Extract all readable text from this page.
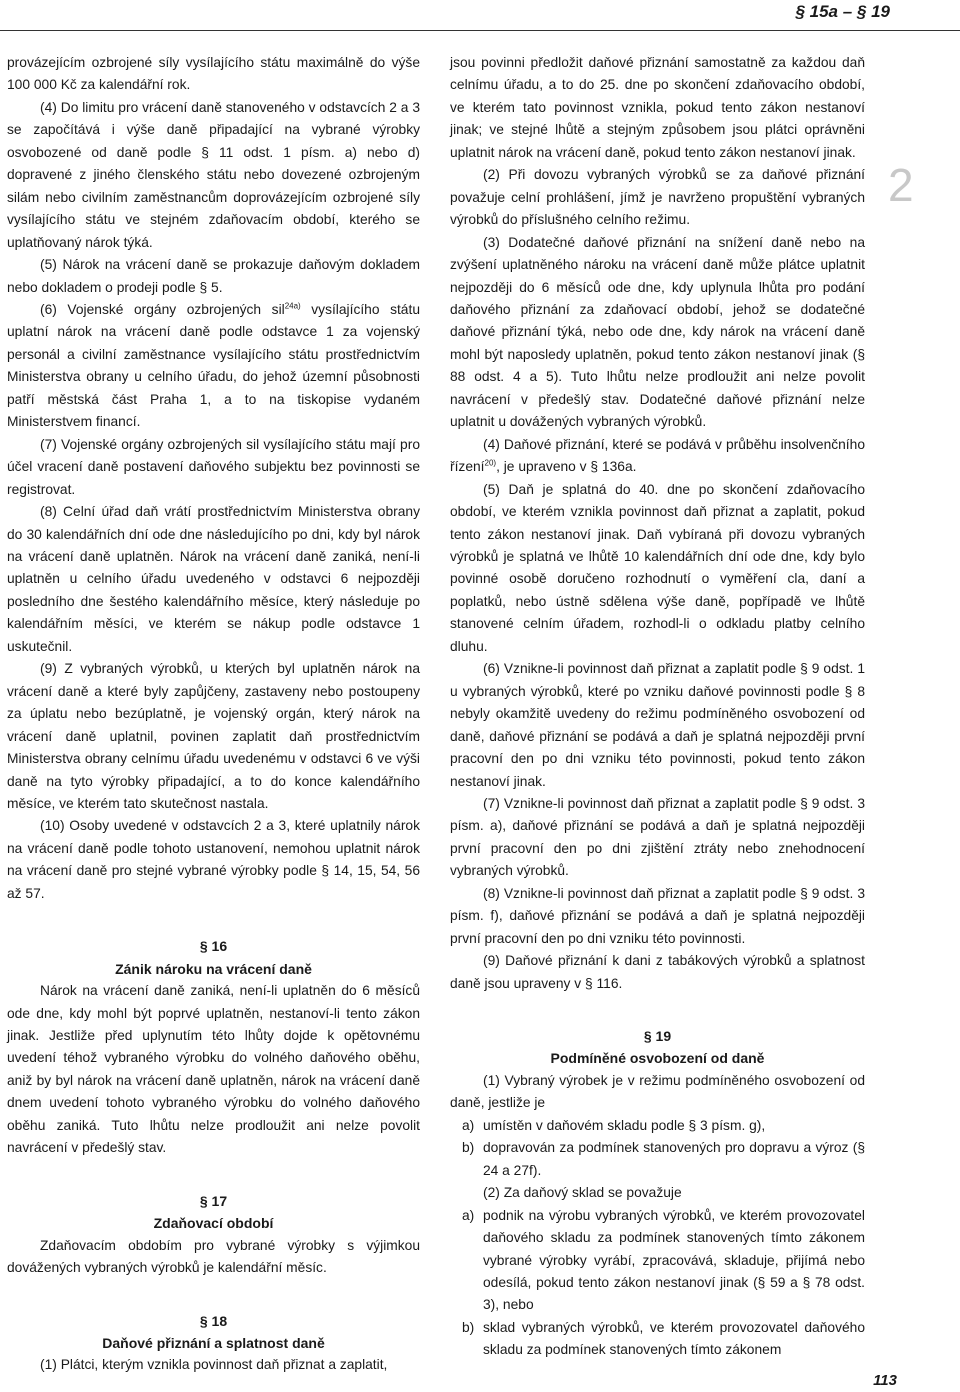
§ 15a – § 19
2

provázejícím ozbrojené síly vysílajícího státu maximálně do výše 100 000 Kč za kalendářní rok.

(4) Do limitu pro vrácení daně stanoveného v odstavcích 2 a 3 se započítává i výše daně připadající na vybrané výrobky osvobozené od daně podle § 11 odst. 1 písm. a) nebo d) dopravené z jiného členského státu nebo dovezené ozbrojeným silám nebo civilním zaměstnancům doprovázejícím ozbrojené síly vysílajícího státu ve stejném zdaňovacím období, kterého se uplatňovaný nárok týká.

(5) Nárok na vrácení daně se prokazuje daňovým dokladem nebo dokladem o prodeji podle § 5.

(6) Vojenské orgány ozbrojených sil$^{24a)}$ vysílajícího státu uplatní nárok na vrácení daně podle odstavce 1 za vojenský personál a civilní zaměstnance vysílajícího státu prostřednictvím Ministerstva obrany u celního úřadu, do jehož územní působnosti patří městská část Praha 1, a to na tiskopise vydaném Ministerstvem financí.

(7) Vojenské orgány ozbrojených sil vysílajícího státu mají pro účel vracení daně postavení daňového subjektu bez povinnosti se registrovat.

(8) Celní úřad daň vrátí prostřednictvím Ministerstva obrany do 30 kalendářních dní ode dne následujícího po dni, kdy byl nárok na vrácení daně uplatněn. Nárok na vrácení daně zaniká, není-li uplatněn u celního úřadu uvedeného v odstavci 6 nejpozději posledního dne šestého kalendářního měsíce, který následuje po kalendářním měsíci, ve kterém se nákup podle odstavce 1 uskutečnil.

(9) Z vybraných výrobků, u kterých byl uplatněn nárok na vrácení daně a které byly zapůjčeny, zastaveny nebo postoupeny za úplatu nebo bezúplatně, je vojenský orgán, který nárok na vrácení daně uplatnil, povinen zaplatit daň prostřednictvím Ministerstva obrany celnímu úřadu uvedenému v odstavci 6 ve výši daně na tyto výrobky připadající, a to do konce kalendářního měsíce, ve kterém tato skutečnost nastala.

(10) Osoby uvedené v odstavcích 2 a 3, které uplatnily nárok na vrácení daně podle tohoto ustanovení, nemohou uplatnit nárok na vrácení daně pro stejné vybrané výrobky podle § 14, 15, 54, 56 až 57.

§ 16

Zánik nároku na vrácení daně

Nárok na vrácení daně zaniká, není-li uplatněn do 6 měsíců ode dne, kdy mohl být poprvé uplatněn, nestanoví-li tento zákon jinak. Jestliže před uplynutím této lhůty dojde k opětovnému uvedení téhož vybraného výrobku do volného daňového oběhu, aniž by byl nárok na vrácení daně uplatněn, nárok na vrácení daně dnem uvedení tohoto vybraného výrobku do volného daňového oběhu zaniká. Tuto lhůtu nelze prodloužit ani nelze povolit navrácení v předešlý stav.

§ 17

Zdaňovací období

Zdaňovacím obdobím pro vybrané výrobky s výjimkou dovážených vybraných výrobků je kalendářní měsíc.

§ 18

Daňové přiznání a splatnost daně

(1) Plátci, kterým vznikla povinnost daň přiznat a zaplatit,

jsou povinni předložit daňové přiznání samostatně za každou daň celnímu úřadu, a to do 25. dne po skončení zdaňovacího období, ve kterém tato povinnost vznikla, pokud tento zákon nestanoví jinak; ve stejné lhůtě a stejným způsobem jsou plátci oprávněni uplatnit nárok na vrácení daně, pokud tento zákon nestanoví jinak.

(2) Při dovozu vybraných výrobků se za daňové přiznání považuje celní prohlášení, jímž je navrženo propuštění vybraných výrobků do příslušného celního režimu.

(3) Dodatečné daňové přiznání na snížení daně nebo na zvýšení uplatněného nároku na vrácení daně může plátce uplatnit nejpozději do 6 měsíců ode dne, kdy uplynula lhůta pro podání daňového přiznání za zdaňovací období, jehož se dodatečné daňové přiznání týká, nebo ode dne, kdy nárok na vrácení daně mohl být naposledy uplatněn, pokud tento zákon nestanoví jinak (§ 88 odst. 4 a 5). Tuto lhůtu nelze prodloužit ani nelze povolit navrácení v předešlý stav. Dodatečné daňové přiznání nelze uplatnit u dovážených vybraných výrobků.

(4) Daňové přiznání, které se podává v průběhu insolvenčního řízení$^{20)}$, je upraveno v § 136a.

(5) Daň je splatná do 40. dne po skončení zdaňovacího období, ve kterém vznikla povinnost daň přiznat a zaplatit, pokud tento zákon nestanoví jinak. Daň vybíraná při dovozu vybraných výrobků je splatná ve lhůtě 10 kalendářních dní ode dne, kdy bylo povinné osobě doručeno rozhodnutí o vyměření cla, daní a poplatků, nebo ústně sdělena výše daně, popřípadě ve lhůtě stanovené celním úřadem, rozhodl-li o odkladu platby celního dluhu.

(6) Vznikne-li povinnost daň přiznat a zaplatit podle § 9 odst. 1 u vybraných výrobků, které po vzniku daňové povinnosti podle § 8 nebyly okamžitě uvedeny do režimu podmíněného osvobození od daně, daňové přiznání se podává a daň je splatná nejpozději první pracovní den po dni vzniku této povinnosti, pokud tento zákon nestanoví jinak.

(7) Vznikne-li povinnost daň přiznat a zaplatit podle § 9 odst. 3 písm. a), daňové přiznání se podává a daň je splatná nejpozději první pracovní den po dni zjištění ztráty nebo znehodnocení vybraných výrobků.

(8) Vznikne-li povinnost daň přiznat a zaplatit podle § 9 odst. 3 písm. f), daňové přiznání se podává a daň je splatná nejpozději první pracovní den po dni vzniku této povinnosti.

(9) Daňové přiznání k dani z tabákových výrobků a splatnost daně jsou upraveny v § 116.

§ 19

Podmíněné osvobození od daně

(1) Vybraný výrobek je v režimu podmíněného osvobození od daně, jestliže je

a) umístěn v daňovém skladu podle § 3 písm. g),
b) dopravován za podmínek stanovených pro dopravu a výroz (§ 24 a 27f).

(2) Za daňový sklad se považuje

a) podnik na výrobu vybraných výrobků, ve kterém provozovatel daňového skladu za podmínek stanovených tímto zákonem vybrané výrobky vyrábí, zpracovává, skladuje, přijímá nebo odesílá, pokud tento zákon nestanoví jinak (§ 59 a § 78 odst. 3), nebo
b) sklad vybraných výrobků, ve kterém provozovatel daňového skladu za podmínek stanovených tímto zákonem
113
